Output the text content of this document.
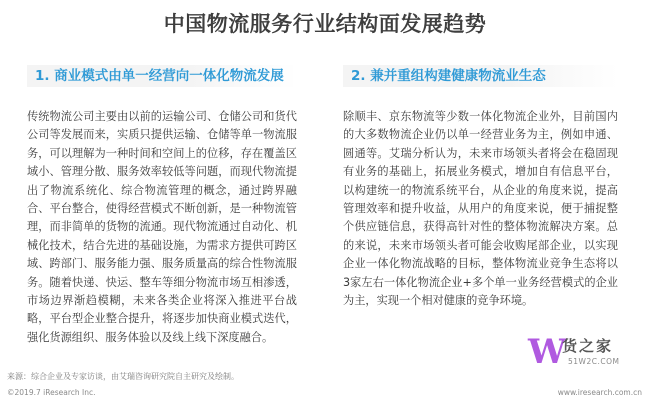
中国物流服务行业结构面发展趋势
1. 商业模式由单一经营向一体化物流发展
传统物流公司主要由以前的运输公司、仓储公司和货代公司等发展而来，实质只提供运输、仓储等单一物流服务，可以理解为一种时间和空间上的位移，存在覆盖区域小、管理分散、服务效率较低等问题，而现代物流提出了物流系统化、综合物流管理的概念，通过跨界融合、平台整合，使得经营模式不断创新，是一种物流管理，而非简单的货物的流通。现代物流通过自动化、机械化技术，结合先进的基础设施，为需求方提供可跨区域、跨部门、服务能力强、服务质量高的综合性物流服务。随着快递、快运、整车等细分物流市场互相渗透，市场边界渐趋模糊，未来各类企业将深入推进平台战略，平台型企业整合提升，将逐步加快商业模式迭代，强化货源组织、服务体验以及线上线下深度融合。
2. 兼并重组构建健康物流业生态
除顺丰、京东物流等少数一体化物流企业外，目前国内的大多数物流企业仍以单一经营业务为主，例如申通、圆通等。艾瑞分析认为，未来市场领头者将会在稳固现有业务的基础上，拓展业务模式，增加自有信息平台，以构建统一的物流系统平台，从企业的角度来说，提高管理效率和提升收益，从用户的角度来说，便于捕捉整个供应链信息，获得高针对性的整体物流解决方案。总的来说，未来市场领头者可能会收购尾部企业，以实现企业一体化物流战略的目标，整体物流业竞争生态将以3家左右一体化物流企业+多个单一业务经营模式的企业为主，实现一个相对健康的竞争环境。
来源：综合企业及专家访谈，由艾瑞咨询研究院自主研究及绘制。
©2019.7 iResearch Inc.	www.iresearch.com.cn
W
货之家
51W2C.COM
